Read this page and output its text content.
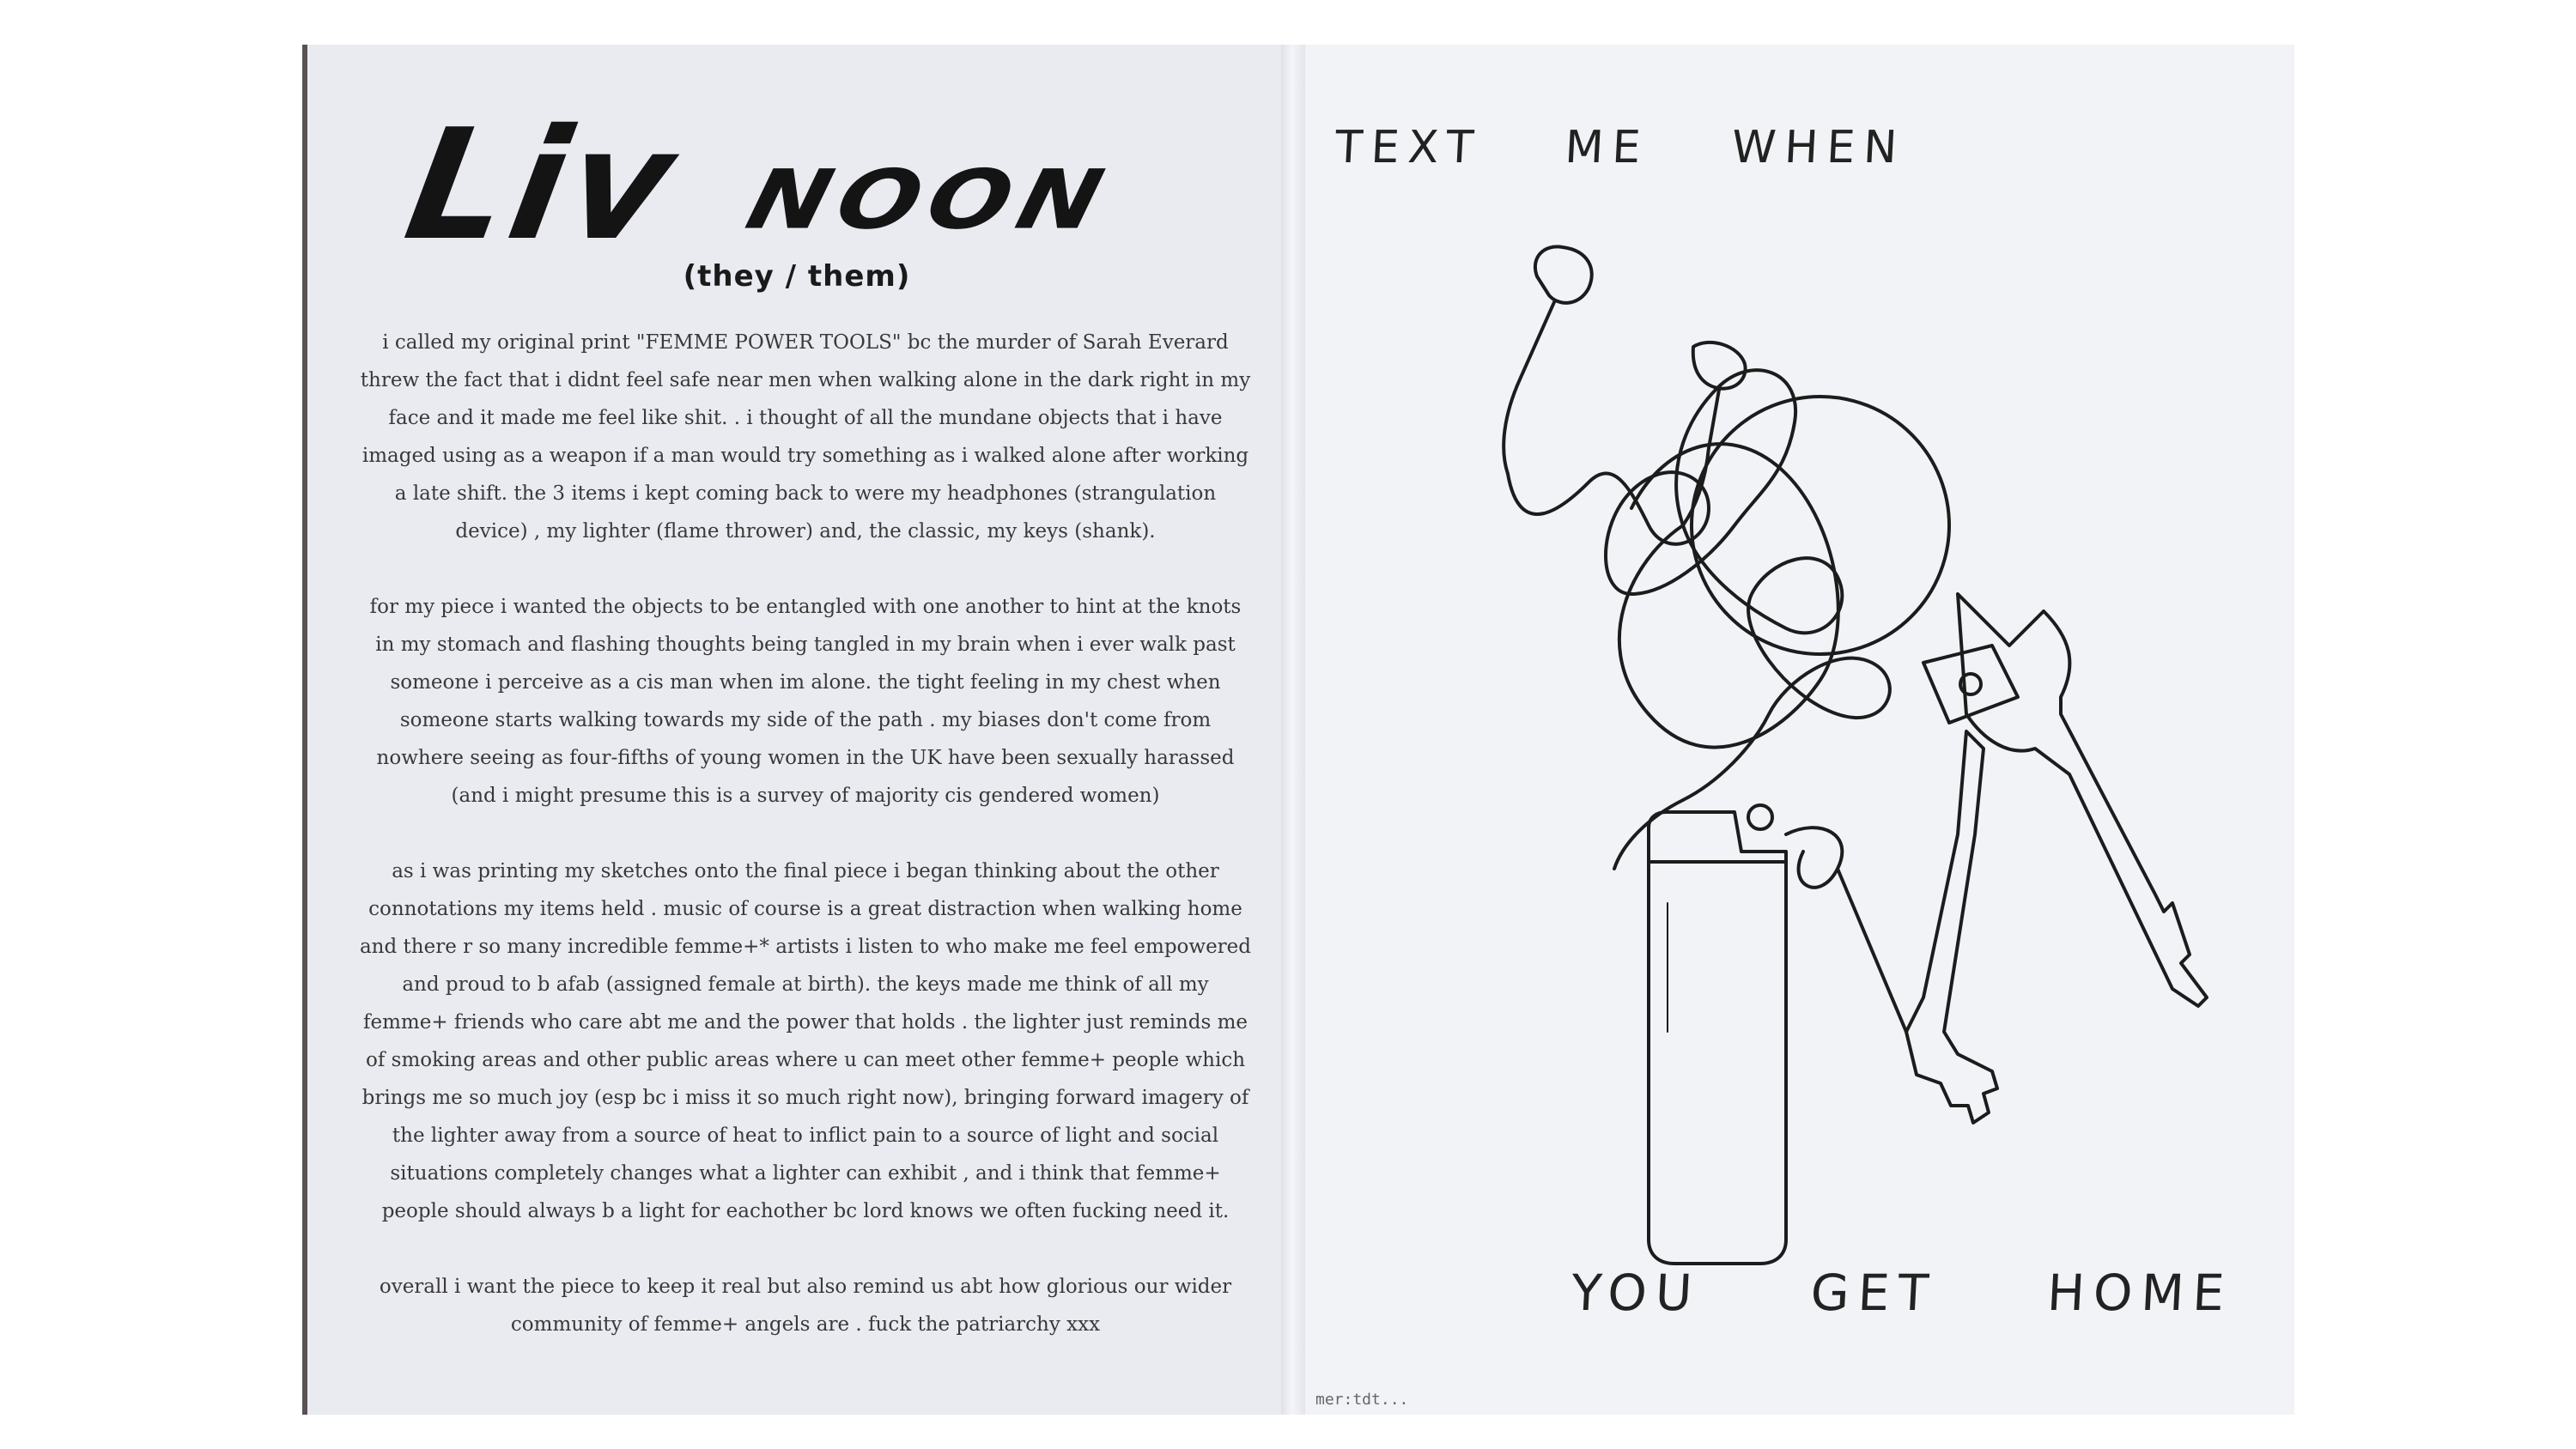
Liv NOON
(they / them)

i called my original print "FEMME POWER TOOLS" bc the murder of Sarah Everard threw the fact that i didnt feel safe near men when walking alone in the dark right in my face and it made me feel like shit. . i thought of all the mundane objects that i have imaged using as a weapon if a man would try something as i walked alone after working a late shift. the 3 items i kept coming back to were my headphones (strangulation device) , my lighter (flame thrower) and, the classic, my keys (shank).

for my piece i wanted the objects to be entangled with one another to hint at the knots in my stomach and flashing thoughts being tangled in my brain when i ever walk past someone i perceive as a cis man when im alone. the tight feeling in my chest when someone starts walking towards my side of the path . my biases don't come from nowhere seeing as four-fifths of young women in the UK have been sexually harassed (and i might presume this is a survey of majority cis gendered women)

as i was printing my sketches onto the final piece i began thinking about the other connotations my items held . music of course is a great distraction when walking home and there r so many incredible femme+* artists i listen to who make me feel empowered and proud to b afab (assigned female at birth). the keys made me think of all my femme+ friends who care abt me and the power that holds . the lighter just reminds me of smoking areas and other public areas where u can meet other femme+ people which brings me so much joy (esp bc i miss it so much right now), bringing forward imagery of the lighter away from a source of heat to inflict pain to a source of light and social situations completely changes what a lighter can exhibit , and i think that femme+ people should always b a light for eachother bc lord knows we often fucking need it.

overall i want the piece to keep it real but also remind us abt how glorious our wider community of femme+ angels are . fuck the patriarchy xxx

TEXT ME WHEN
YOU GET HOME
mer:tdt...
